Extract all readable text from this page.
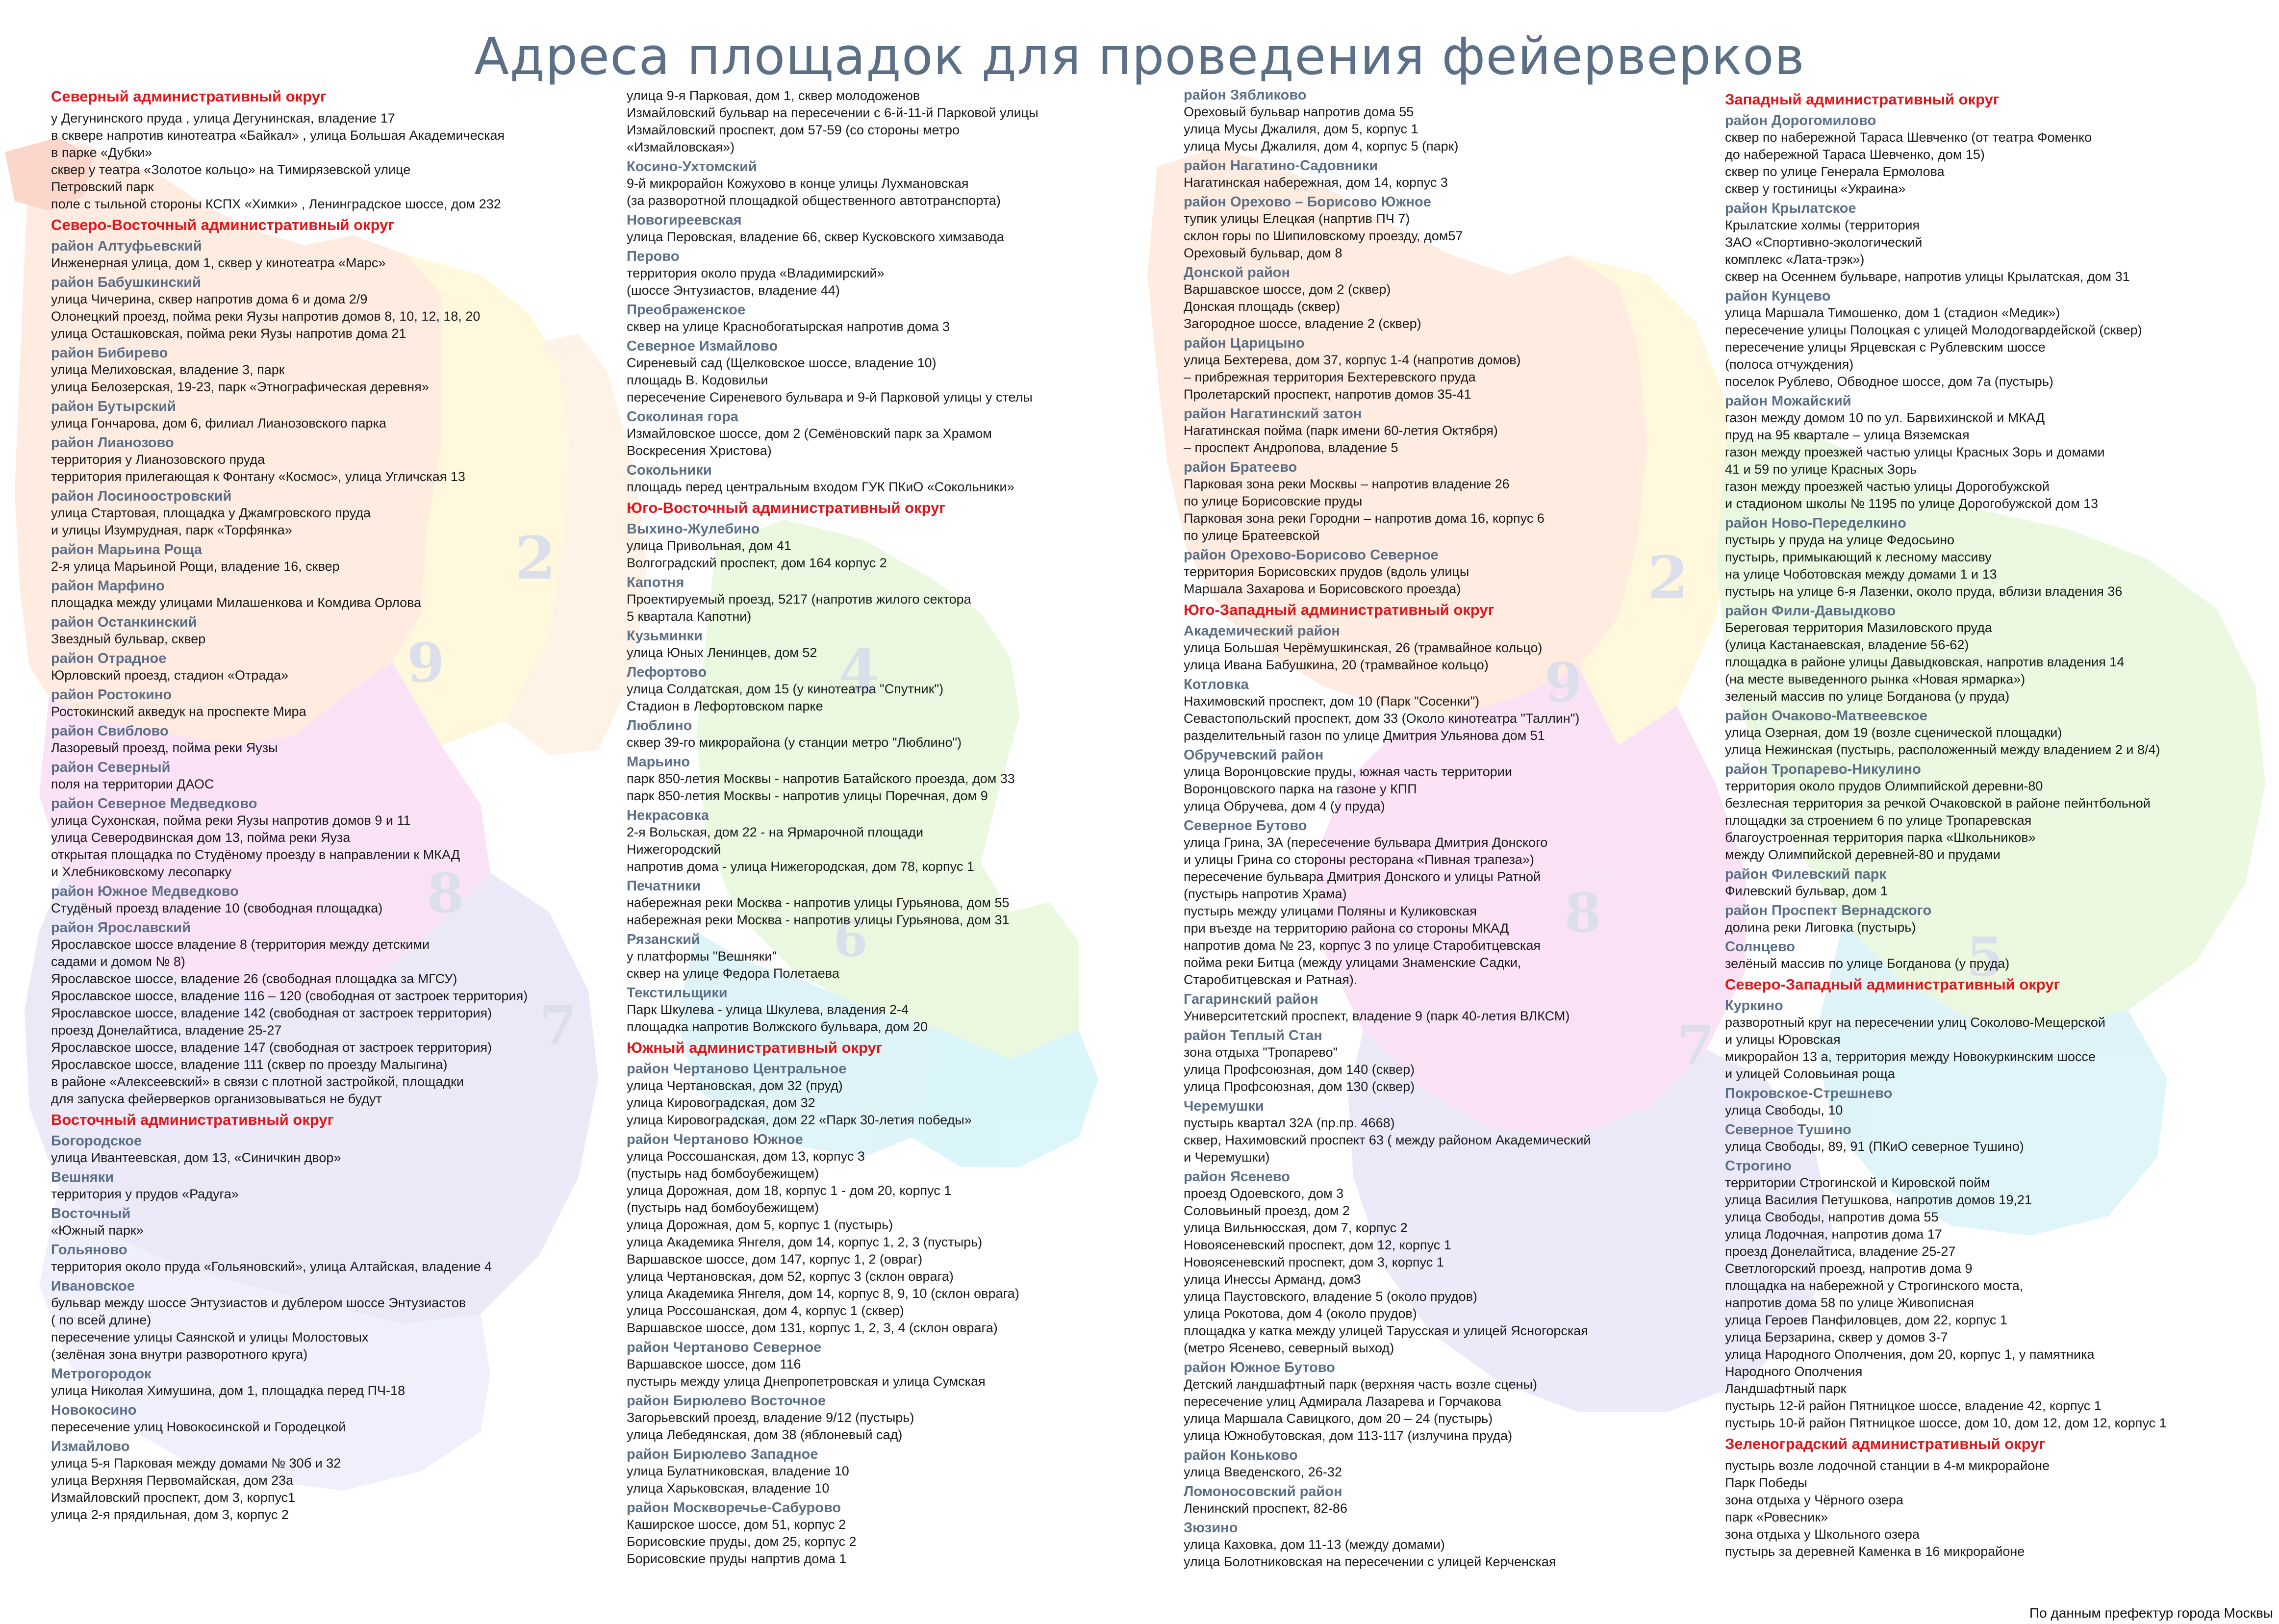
2
9
8
7
4
6
2
9
8
7
5
Адреса площадок для проведения фейерверков
Северный административный округ
у Дегунинского пруда , улица Дегунинская, владение 17
в сквере напротив кинотеатра «Байкал» , улица Большая Академическая
в парке «Дубки»
сквер у театра «Золотое кольцо» на Тимирязевской улице
Петровский парк
поле с тыльной стороны КСПХ «Химки» , Ленинградское шоссе, дом 232
Северо-Восточный административный округ
район Алтуфьевский
Инженерная улица, дом 1, сквер у кинотеатра «Марс»
район Бабушкинский
улица Чичерина, сквер напротив дома 6 и дома 2/9
Олонецкий проезд, пойма реки Яузы напротив домов 8, 10, 12, 18, 20
улица Осташковская, пойма реки Яузы напротив дома 21
район Бибирево
улица Мелиховская, владение 3, парк
улица Белозерская, 19-23, парк «Этнографическая деревня»
район Бутырский
улица Гончарова, дом 6, филиал Лианозовского парка
район Лианозово
территория у Лианозовского пруда
территория прилегающая к Фонтану «Космос», улица Угличская 13
район Лосиноостровский
улица Стартовая, площадка у Джамгровского пруда
и улицы Изумрудная, парк «Торфянка»
район Марьина Роща
2-я улица Марьиной Рощи, владение 16, сквер
район Марфино
площадка между улицами Милашенкова и Комдива Орлова
район Останкинский
Звездный бульвар, сквер
район Отрадное
Юрловский проезд, стадион «Отрада»
район Ростокино
Ростокинский акведук на проспекте Мира
район Свиблово
Лазоревый проезд, пойма реки Яузы
район Северный
поля на территории ДАОС
район Северное Медведково
улица Сухонская, пойма реки Яузы напротив домов 9 и 11
улица Северодвинская дом 13, пойма реки Яуза
открытая площадка по Студёному проезду в направлении к МКАД
и Хлебниковскому лесопарку
район Южное Медведково
Студёный проезд владение 10 (свободная площадка)
район Ярославский
Ярославское шоссе владение 8 (территория между детскими
садами и домом № 8)
Ярославское шоссе, владение 26 (свободная площадка за МГСУ)
Ярославское шоссе, владение 116 – 120 (свободная от застроек территория)
Ярославское шоссе, владение 142 (свободная от застроек территория)
проезд Донелайтиса, владение 25-27
Ярославское шоссе, владение 147 (свободная от застроек территория)
Ярославское шоссе, владение 111 (сквер по проезду Малыгина)
в районе «Алексеевский» в связи с плотной застройкой, площадки
для запуска фейерверков организовываться не будут
Восточный административный округ
Богородское
улица Ивантеевская, дом 13, «Синичкин двор»
Вешняки
территория у прудов «Радуга»
Восточный
«Южный парк»
Гольяново
территория около пруда «Гольяновский», улица Алтайская, владение 4
Ивановское
бульвар между шоссе Энтузиастов и дублером шоссе Энтузиастов
( по всей длине)
пересечение улицы Саянской и улицы Молостовых
(зелёная зона внутри разворотного круга)
Метрогородок
улица Николая Химушина, дом 1, площадка перед ПЧ-18
Новокосино
пересечение улиц Новокосинской и Городецкой
Измайлово
улица 5-я Парковая между домами № 30б и 32
улица Верхняя Первомайская, дом 23а
Измайловский проспект, дом 3, корпус1
улица 2-я прядильная, дом 3, корпус 2
улица 9-я Парковая, дом 1, сквер молодоженов
Измайловский бульвар на пересечении с 6-й-11-й Парковой улицы
Измайловский проспект, дом 57-59 (со стороны метро
«Измайловская»)
Косино-Ухтомский
9-й микрорайон Кожухово в конце улицы Лухмановская
(за разворотной площадкой общественного автотранспорта)
Новогиреевская
улица Перовская, владение 66, сквер Кусковского химзавода
Перово
территория около пруда «Владимирский»
(шоссе Энтузиастов, владение 44)
Преображенское
сквер на улице Краснобогатырская напротив дома 3
Северное Измайлово
Сиреневый сад (Щелковское шоссе, владение 10)
площадь В. Кодовильи
пересечение Сиреневого бульвара и 9-й Парковой улицы у стелы
Соколиная гора
Измайловское шоссе, дом 2 (Семёновский парк за Храмом
Воскресения Христова)
Сокольники
площадь перед центральным входом ГУК ПКиО «Сокольники»
Юго-Восточный административный округ
Выхино-Жулебино
улица Привольная, дом 41
Волгоградский проспект, дом 164 корпус 2
Капотня
Проектируемый проезд, 5217 (напротив жилого сектора
5 квартала Капотни)
Кузьминки
улица Юных Ленинцев, дом 52
Лефортово
улица Солдатская, дом 15 (у кинотеатра "Спутник")
Стадион в Лефортовском парке
Люблино
сквер 39-го микрорайона (у станции метро "Люблино")
Марьино
парк 850-летия Москвы - напротив Батайского проезда, дом 33
парк 850-летия Москвы - напротив улицы Поречная, дом 9
Некрасовка
2-я Вольская, дом 22 - на Ярмарочной площади
Нижегородский
напротив дома - улица Нижегородская, дом 78, корпус 1
Печатники
набережная реки Москва - напротив улицы Гурьянова, дом 55
набережная реки Москва - напротив улицы Гурьянова, дом 31
Рязанский
у платформы "Вешняки"
сквер на улице Федора Полетаева
Текстильщики
Парк Шкулева - улица Шкулева, владения 2-4
площадка напротив Волжского бульвара, дом 20
Южный административный округ
район Чертаново Центральное
улица Чертановская, дом 32 (пруд)
улица Кировоградская, дом 32
улица Кировоградская, дом 22 «Парк 30-летия победы»
район Чертаново Южное
улица Россошанская, дом 13, корпус 3
(пустырь над бомбоубежищем)
улица Дорожная, дом 18, корпус 1 - дом 20, корпус 1
(пустырь над бомбоубежищем)
улица Дорожная, дом 5, корпус 1 (пустырь)
улица Академика Янгеля, дом 14, корпус 1, 2, 3 (пустырь)
Варшавское шоссе, дом 147, корпус 1, 2 (овраг)
улица Чертановская, дом 52, корпус 3 (склон оврага)
улица Академика Янгеля, дом 14, корпус 8, 9, 10 (склон оврага)
улица Россошанская, дом 4, корпус 1 (сквер)
Варшавское шоссе, дом 131, корпус 1, 2, 3, 4 (склон оврага)
район Чертаново Северное
Варшавское шоссе, дом 116
пустырь между улица Днепропетровская и улица Сумская
район Бирюлево Восточное
Загорьевский проезд, владение 9/12 (пустырь)
улица Лебедянская, дом 38 (яблоневый сад)
район Бирюлево Западное
улица Булатниковская, владение 10
улица Харьковская, владение 10
район Москворечье-Сабурово
Каширское шоссе, дом 51, корпус 2
Борисовские пруды, дом 25, корпус 2
Борисовские пруды напртив дома 1
район Зябликово
Ореховый бульвар напротив дома 55
улица Мусы Джалиля, дом 5, корпус 1
улица Мусы Джалиля, дом 4, корпус 5 (парк)
район Нагатино-Садовники
Нагатинская набережная, дом 14, корпус 3
район Орехово – Борисово Южное
тупик улицы Елецкая (напртив ПЧ 7)
склон горы по Шипиловскому проезду, дом57
Ореховый бульвар, дом 8
Донской район
Варшавское шоссе, дом 2 (сквер)
Донская площадь (сквер)
Загородное шоссе, владение 2 (сквер)
район Царицыно
улица Бехтерева, дом 37, корпус 1-4 (напротив домов)
– прибрежная территория Бехтеревского пруда
Пролетарский проспект, напротив домов 35-41
район Нагатинский затон
Нагатинская пойма (парк имени 60-летия Октября)
– проспект Андропова, владение 5
район Братеево
Парковая зона реки Москвы – напротив владение 26
по улице Борисовские пруды
Парковая зона реки Городни – напротив дома 16, корпус 6
по улице Братеевской
район Орехово-Борисово Северное
территория Борисовских прудов (вдоль улицы
Маршала Захарова и Борисовского проезда)
Юго-Западный административный округ
Академический район
улица Большая Черёмушкинская, 26 (трамвайное кольцо)
улица Ивана Бабушкина, 20 (трамвайное кольцо)
Котловка
Нахимовский проспект, дом 10 (Парк "Сосенки")
Севастопольский проспект, дом 33 (Около кинотеатра "Таллин")
разделительный газон по улице Дмитрия Ульянова дом 51
Обручевский район
улица Воронцовские пруды, южная часть территории
Воронцовского парка на газоне у КПП
улица Обручева, дом 4 (у пруда)
Северное Бутово
улица Грина, 3А (пересечение бульвара Дмитрия Донского
и улицы Грина со стороны ресторана «Пивная трапеза»)
пересечение бульвара Дмитрия Донского и улицы Ратной
(пустырь напротив Храма)
пустырь между улицами Поляны и Куликовская
при въезде на территорию района со стороны МКАД
напротив дома № 23, корпус 3 по улице Старобитцевская
пойма реки Битца (между улицами Знаменские Садки,
Старобитцевская и Ратная).
Гагаринский район
Университетский проспект, владение 9 (парк 40-летия ВЛКСМ)
район Теплый Стан
зона отдыха "Тропарево"
улица Профсоюзная, дом 140 (сквер)
улица Профсоюзная, дом 130 (сквер)
Черемушки
пустырь квартал 32А (пр.пр. 4668)
сквер, Нахимовский проспект 63 ( между районом Академический
и Черемушки)
район Ясенево
проезд Одоевского, дом 3
Соловьиный проезд, дом 2
улица Вильнюсская, дом 7, корпус 2
Новоясеневский проспект, дом 12, корпус 1
Новоясеневский проспект, дом 3, корпус 1
улица Инессы Арманд, дом3
улица Паустовского, владение 5 (около прудов)
улица Рокотова, дом 4 (около прудов)
площадка у катка между улицей Тарусская и улицей Ясногорская
(метро Ясенево, северный выход)
район Южное Бутово
Детский ландшафтный парк (верхняя часть возле сцены)
пересечение улиц Адмирала Лазарева и Горчакова
улица Маршала Савицкого, дом 20 – 24 (пустырь)
улица Южнобутовская, дом 113-117 (излучина пруда)
район Коньково
улица Введенского, 26-32
Ломоносовский район
Ленинский проспект, 82-86
Зюзино
улица Каховка, дом 11-13 (между домами)
улица Болотниковская на пересечении с улицей Керченская
Западный административный округ
район Дорогомилово
сквер по набережной Тараса Шевченко (от театра Фоменко
до набережной Тараса Шевченко, дом 15)
сквер по улице Генерала Ермолова
сквер у гостиницы «Украина»
район Крылатское
Крылатские холмы (территория
ЗАО «Спортивно-экологический
комплекс «Лата-трэк»)
сквер на Осеннем бульваре, напротив улицы Крылатская, дом 31
район Кунцево
улица Маршала Тимошенко, дом 1 (стадион «Медик»)
пересечение улицы Полоцкая с улицей Молодогвардейской (сквер)
пересечение улицы Ярцевская с Рублевским шоссе
(полоса отчуждения)
поселок Рублево, Обводное шоссе, дом 7а (пустырь)
район Можайский
газон между домом 10 по ул. Барвихинской и МКАД
пруд на 95 квартале – улица Вяземская
газон между проезжей частью улицы Красных Зорь и домами
41 и 59 по улице Красных Зорь
газон между проезжей частью улицы Дорогобужской
и стадионом школы № 1195 по улице Дорогобужской дом 13
район Ново-Переделкино
пустырь у пруда на улице Федосьино
пустырь, примыкающий к лесному массиву
на улице Чоботовская между домами 1 и 13
пустырь на улице 6-я Лазенки, около пруда, вблизи владения 36
район Фили-Давыдково
Береговая территория Мазиловского пруда
(улица Кастанаевская, владение 56-62)
площадка в районе улицы Давыдковская, напротив владения 14
(на месте выведенного рынка «Новая ярмарка»)
зеленый массив по улице Богданова (у пруда)
район Очаково-Матвеевское
улица Озерная, дом 19 (возле сценической площадки)
улица Нежинская (пустырь, расположенный между владением 2 и 8/4)
район Тропарево-Никулино
территория около прудов Олимпийской деревни-80
безлесная территория за речкой Очаковской в районе пейнтбольной
площадки за строением 6 по улице Тропаревская
благоустроенная территория парка «Школьников»
между Олимпийской деревней-80 и прудами
район Филевский парк
Филевский бульвар, дом 1
район Проспект Вернадского
долина реки Лиговка (пустырь)
Солнцево
зелёный массив по улице Богданова (у пруда)
Северо-Западный административный округ
Куркино
разворотный круг на пересечении улиц Соколово-Мещерской
и улицы Юровская
микрорайон 13 а, территория между Новокуркинским шоссе
и улицей Соловьиная роща
Покровское-Стрешнево
улица Свободы, 10
Северное Тушино
улица Свободы, 89, 91 (ПКиО северное Тушино)
Строгино
территории Строгинской и Кировской пойм
улица Василия Петушкова, напротив домов 19,21
улица Свободы, напротив дома 55
улица Лодочная, напротив дома 17
проезд Донелайтиса, владение 25-27
Светлогорский проезд, напротив дома 9
площадка на набережной у Строгинского моста,
напротив дома 58 по улице Живописная
улица Героев Панфиловцев, дом 22, корпус 1
улица Берзарина, сквер у домов 3-7
улица Народного Ополчения, дом 20, корпус 1, у памятника
Народного Ополчения
Ландшафтный парк
пустырь 12-й район Пятницкое шоссе, владение 42, корпус 1
пустырь 10-й район Пятницкое шоссе, дом 10, дом 12, дом 12, корпус 1
Зеленоградский административный округ
пустырь возле лодочной станции в 4-м микрорайоне
Парк Победы
зона отдыха у Чёрного озера
парк «Ровесник»
зона отдыха у Школьного озера
пустырь за деревней Каменка в 16 микрорайоне
По данным префектур города Москвы
